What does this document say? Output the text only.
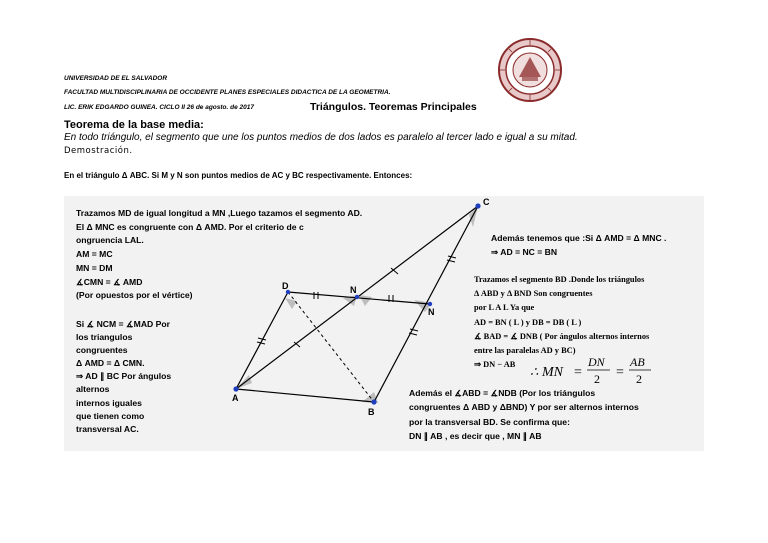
UNIVERSIDAD DE EL SALVADOR
FACULTAD MULTIDISCIPLINARIA DE OCCIDENTE PLANES ESPECIALES DIDACTICA DE LA GEOMETRIA.
LIC. ERIK EDGARDO GUINEA. CICLO II 26 de agosto. de 2017	Triángulos. Teoremas Principales
Teorema de la base media:
En todo triángulo, el segmento que une los puntos medios de dos lados es paralelo al tercer lado e igual a su mitad.
Demostración.
En el triángulo Δ ABC. Si M y N son puntos medios de AC y BC respectivamente. Entonces:
A
B
C
D	N
N
Trazamos MD de igual longitud a MN ,Luego tazamos el segmento AD.
El Δ MNC es congruente con Δ AMD. Por el criterio de c
ongruencia LAL.
AM = MC
MN = DM
∡CMN = ∡ AMD
(Por opuestos por el vértice)
Si ∡ NCM = ∡MAD Por
los triangulos
congruentes
Δ AMD = Δ CMN.
⇒ AD ∥ BC Por ángulos
alternos
internos iguales
que tienen como
transversal AC.
Además tenemos que :Si Δ AMD = Δ MNC .
⇒ AD = NC = BN
Trazamos el segmento BD .Donde los triángulos
Δ ABD y Δ BND Son congruentes
por L A L Ya que
AD = BN ( L ) y DB = DB ( L )
∡ BAD = ∡ DNB ( Por ángulos alternos internos
entre las paralelas AD y BC)
⇒ DN − AB	∴ MN =
DN
2 =
AB
2
Además el ∡ABD = ∡NDB (Por los triángulos
congruentes Δ ABD y ΔBND) Y por ser alternos internos
por la transversal BD. Se confirma que:
DN ∥ AB , es decir que , MN ∥ AB
